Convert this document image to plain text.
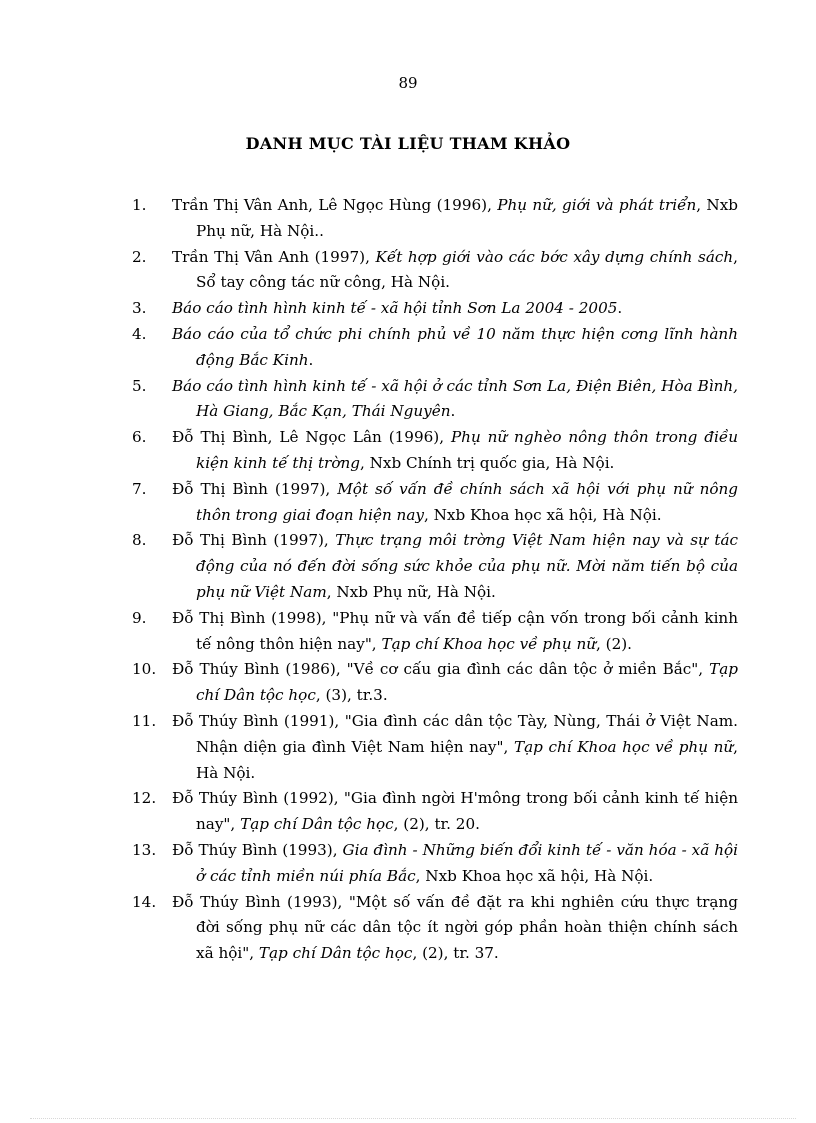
89
DANH MỤC TÀI LIỆU THAM KHẢO
1. Trần Thị Vân Anh, Lê Ngọc Hùng (1996), Phụ nữ, giới và phát triển, Nxb Phụ nữ, Hà Nội..
2. Trần Thị Vân Anh (1997), Kết hợp giới vào các bớc xây dựng chính sách, Sổ tay công tác nữ công, Hà Nội.
3. Báo cáo tình hình kinh tế - xã hội tỉnh Sơn La 2004 - 2005.
4. Báo cáo của tổ chức phi chính phủ về 10 năm thực hiện cơng lĩnh hành động Bắc Kinh.
5. Báo cáo tình hình kinh tế - xã hội ở các tỉnh Sơn La, Điện Biên, Hòa Bình, Hà Giang, Bắc Kạn, Thái Nguyên.
6. Đỗ Thị Bình, Lê Ngọc Lân (1996), Phụ nữ nghèo nông thôn trong điều kiện kinh tế thị trờng, Nxb Chính trị quốc gia, Hà Nội.
7. Đỗ Thị Bình (1997), Một số vấn đề chính sách xã hội với phụ nữ nông thôn trong giai đoạn hiện nay, Nxb Khoa học xã hội, Hà Nội.
8. Đỗ Thị Bình (1997), Thực trạng môi trờng Việt Nam hiện nay và sự tác động của nó đến đời sống sức khỏe của phụ nữ. Mời năm tiến bộ của phụ nữ Việt Nam, Nxb Phụ nữ, Hà Nội.
9. Đỗ Thị Bình (1998), "Phụ nữ và vấn đề tiếp cận vốn trong bối cảnh kinh tế nông thôn hiện nay", Tạp chí Khoa học về phụ nữ, (2).
10. Đỗ Thúy Bình (1986), "Về cơ cấu gia đình các dân tộc ở miền Bắc", Tạp chí Dân tộc học, (3), tr.3.
11. Đỗ Thúy Bình (1991), "Gia đình các dân tộc Tày, Nùng, Thái ở Việt Nam. Nhận diện gia đình Việt Nam hiện nay", Tạp chí Khoa học về phụ nữ, Hà Nội.
12. Đỗ Thúy Bình (1992), "Gia đình ngời H'mông trong bối cảnh kinh tế hiện nay", Tạp chí Dân tộc học, (2), tr. 20.
13. Đỗ Thúy Bình (1993), Gia đình - Những biến đổi kinh tế - văn hóa - xã hội ở các tỉnh miền núi phía Bắc, Nxb Khoa học xã hội, Hà Nội.
14. Đỗ Thúy Bình (1993), "Một số vấn đề đặt ra khi nghiên cứu thực trạng đời sống phụ nữ các dân tộc ít ngời góp phần hoàn thiện chính sách xã hội", Tạp chí Dân tộc học, (2), tr. 37.
